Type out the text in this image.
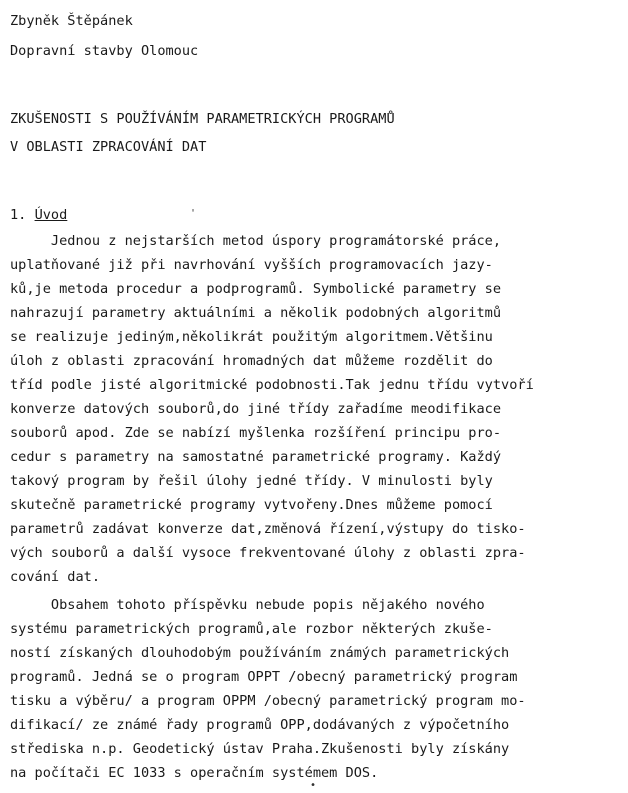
Zbyněk Štěpánek
Dopravní stavby Olomouc
ZKUŠENOSTI S POUŽÍVÁNÍM PARAMETRICKÝCH PROGRAMŮ
V OBLASTI ZPRACOVÁNÍ DAT
1. Úvod	'
Jednou z nejstarších metod úspory programátorské práce,
uplatňované již při navrhování vyšších programovacích jazy-
ků,je metoda procedur a podprogramů. Symbolické parametry se
nahrazují parametry aktuálními a několik podobných algoritmů
se realizuje jediným,několikrát použitým algoritmem.Většinu
úloh z oblasti zpracování hromadných dat můžeme rozdělit do
tříd podle jisté algoritmické podobnosti.Tak jednu třídu vytvoří
konverze datových souborů,do jiné třídy zařadíme meodifikace
souborů apod. Zde se nabízí myšlenka rozšíření principu pro-
cedur s parametry na samostatné parametrické programy. Každý
takový program by řešil úlohy jedné třídy. V minulosti byly
skutečně parametrické programy vytvořeny.Dnes můžeme pomocí
parametrů zadávat konverze dat,změnová řízení,výstupy do tisko-
vých souborů a další vysoce frekventované úlohy z oblasti zpra-
cování dat.
Obsahem tohoto příspěvku nebude popis nějakého nového
systému parametrických programů,ale rozbor některých zkuše-
ností získaných dlouhodobým používáním známých parametrických
programů. Jedná se o program OPPT /obecný parametrický program
tisku a výběru/ a program OPPM /obecný parametrický program mo-
difikací/ ze známé řady programů OPP,dodávaných z výpočetního
střediska n.p. Geodetický ústav Praha.Zkušenosti byly získány
na počítači EC 1033 s operačním systémem DOS.
•
